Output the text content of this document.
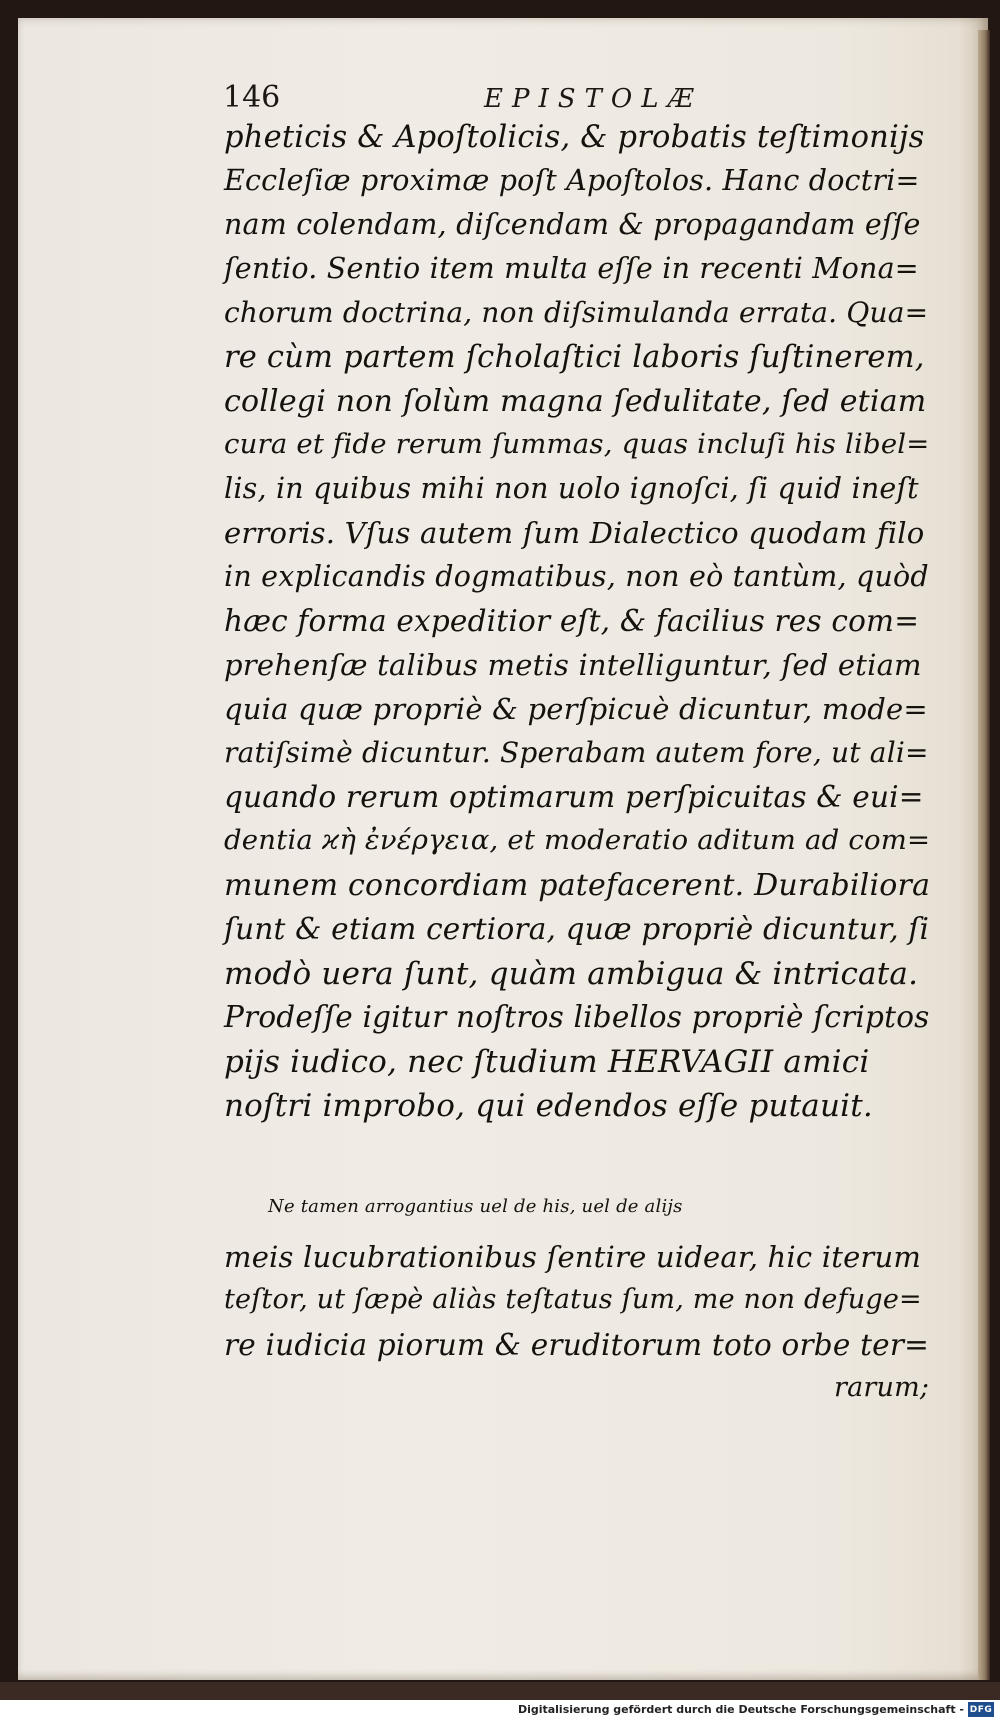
146	EPISTOLÆ
pheticis & Apoſtolicis, & probatis teſtimonijs
Eccleſiæ proximæ poſt Apoſtolos. Hanc doctri=
nam colendam, diſcendam & propagandam eſſe
ſentio. Sentio item multa eſſe in recenti Mona=
chorum doctrina, non diſsimulanda errata. Qua=
re cùm partem ſcholaſtici laboris ſuſtinerem,
collegi non ſolùm magna ſedulitate, ſed etiam
cura et fide rerum ſummas, quas incluſi his libel=
lis, in quibus mihi non uolo ignoſci, ſi quid ineſt
erroris. Vſus autem ſum Dialectico quodam filo
in explicandis dogmatibus, non eò tantùm, quòd
hæc forma expeditior eſt, & facilius res com=
prehenſæ talibus metis intelliguntur, ſed etiam
quia quæ propriè & perſpicuè dicuntur, mode=
ratiſsimè dicuntur. Sperabam autem fore, ut ali=
quando rerum optimarum perſpicuitas & eui=
dentia ϰὴ ἐνέργεια, et moderatio aditum ad com=
munem concordiam patefacerent. Durabiliora
ſunt & etiam certiora, quæ propriè dicuntur, ſi
modò uera ſunt, quàm ambigua & intricata.
Prodeſſe igitur noſtros libellos propriè ſcriptos
pijs iudico, nec ſtudium HERVAGII amici
noſtri improbo, qui edendos eſſe putauit.
Ne tamen arrogantius uel de his, uel de alijs
meis lucubrationibus ſentire uidear, hic iterum
teſtor, ut ſæpè aliàs teſtatus ſum, me non defuge=
re iudicia piorum & eruditorum toto orbe ter=
rarum;
Digitalisierung gefördert durch die Deutsche Forschungsgemeinschaft - DFG
